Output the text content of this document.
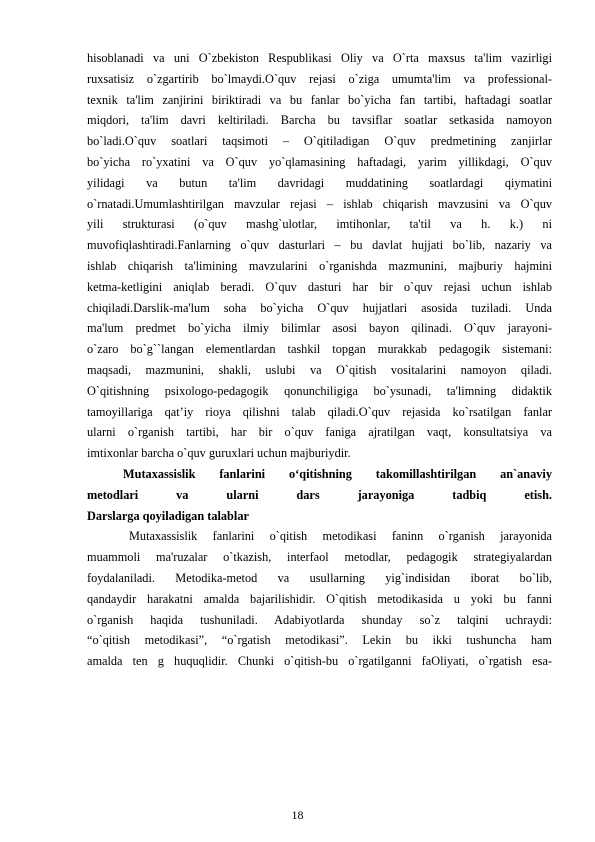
hisoblanadi va uni O`zbekiston Respublikasi Oliy va O`rta maxsus ta'lim vazirligi
ruxsatisiz o`zgartirib bo`lmaydi.O`quv rejasi o`ziga umumta'lim va professional-
texnik ta'lim zanjirini biriktiradi va bu fanlar bo`yicha fan tartibi, haftadagi soatlar
miqdori, ta'lim davri keltiriladi. Barcha bu tavsiflar soatlar setkasida namoyon
bo`ladi.O`quv soatlari taqsimoti – O`qitiladigan O`quv predmetining zanjirlar
bo`yicha ro`yxatini va O`quv yo`qlamasining haftadagi, yarim yillikdagi, O`quv
yilidagi va butun ta'lim davridagi muddatining soatlardagi qiymatini
o`rnatadi.Umumlashtirilgan mavzular rejasi – ishlab chiqarish mavzusini va O`quv
yili strukturasi (o`quv mashg`ulotlar, imtihonlar, ta'til va h. k.) ni
muvofiqlashtiradi.Fanlarning o`quv dasturlari – bu davlat hujjati bo`lib, nazariy va
ishlab chiqarish ta'limining mavzularini o`rganishda mazmunini, majburiy hajmini
ketma-ketligini aniqlab beradi. O`quv dasturi har bir o`quv rejasi uchun ishlab
chiqiladi.Darslik-ma'lum soha bo`yicha O`quv hujjatlari asosida tuziladi. Unda
ma'lum predmet bo`yicha ilmiy bilimlar asosi bayon qilinadi. O`quv jarayoni-
o`zaro bo`g``langan elementlardan tashkil topgan murakkab pedagogik sistemani:
maqsadi, mazmunini, shakli, uslubi va O`qitish vositalarini namoyon qiladi.
O`qitishning psixologo-pedagogik qonunchiligiga bo`ysunadi, ta'limning didaktik
tamoyillariga qat’iy rioya qilishni talab qiladi.O`quv rejasida ko`rsatilgan fanlar
ularni o`rganish tartibi, har bir o`quv faniga ajratilgan vaqt, konsultatsiya va
imtixonlar barcha o`quv guruxlari uchun majburiydir.
Mutaxassislik fanlarini o‘qitishning takomillashtirilgan an`anaviy
metodlari va ularni dars jarayoniga tadbiq etish.
Darslarga qoyiladigan talablar
Mutaxassislik fanlarini o`qitish metodikasi faninn o`rganish jarayonida
muammoli ma'ruzalar o`tkazish, interfaol metodlar, pedagogik strategiyalardan
foydalaniladi. Metodika-metod va usullarning yig`indisidan iborat bo`lib,
qandaydir harakatni amalda bajarilishidir. O`qitish metodikasida u yoki bu fanni
o`rganish haqida tushuniladi. Adabiyotlarda shunday so`z talqini uchraydi:
“o`qitish metodikasi”, “o`rgatish metodikasi”. Lekin bu ikki tushuncha ham
amalda ten g huquqlidir. Chunki o`qitish-bu o`rgatilganni faOliyati, o`rgatish esa-
18
